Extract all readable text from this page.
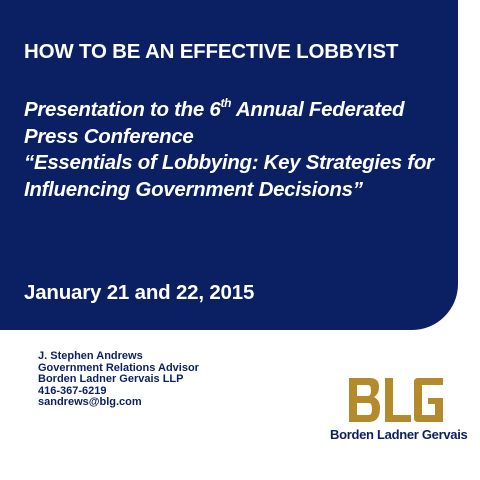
HOW TO BE AN EFFECTIVE LOBBYIST
Presentation to the 6th Annual Federated
Press Conference
“Essentials of Lobbying: Key Strategies for
Influencing Government Decisions”
January 21 and 22, 2015
J. Stephen Andrews
Government Relations Advisor
Borden Ladner Gervais LLP
416-367-6219
sandrews@blg.com
Borden Ladner Gervais
